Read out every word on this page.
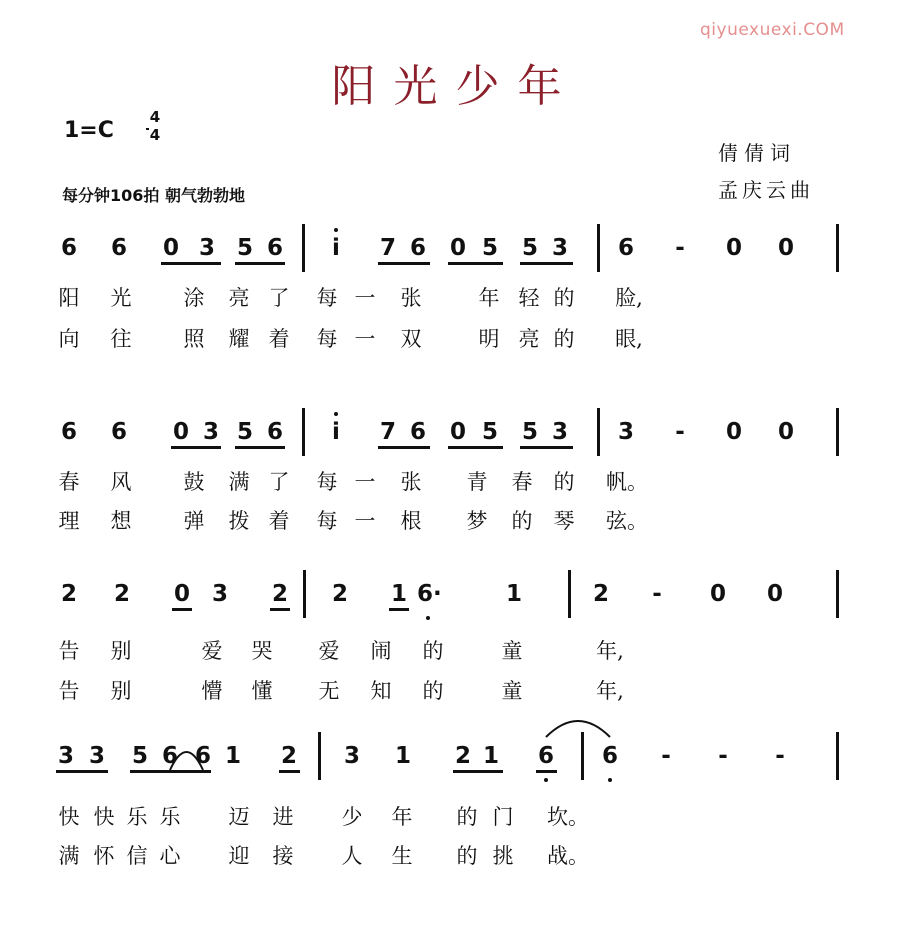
qiyuexuexi.COM
阳光少年
1=C
4
4
倩倩词
孟庆云曲
每分钟106拍 朝气勃勃地
6 6 0 3 5 6	i	7 6 0 5 5 3 6 - 0 0
阳 光 涂 亮 了 每 一 张	年 轻 的 脸,
向 往 照 耀 着 每 一 双	明 亮 的 眼,
6 6 0 3 5 6	i	7 6 0 5 5 3 3 - 0 0
春 风 鼓 满 了 每 一 张 青 春 的 帆。
理 想 弹 拨 着 每 一 根 梦 的 琴 弦。
2 2 0 3 2 2 1 6·	1	2 - 0 0
告 别	爱 哭 爱 闹 的	童	年,
告 别	懵 懂 无 知 的	童	年,
3 3 5 6 6 1 2 3 1 2 1 6 6 - - -
快 快 乐 乐 迈 进 少 年 的 门 坎。
满 怀 信 心 迎 接 人 生 的 挑 战。
